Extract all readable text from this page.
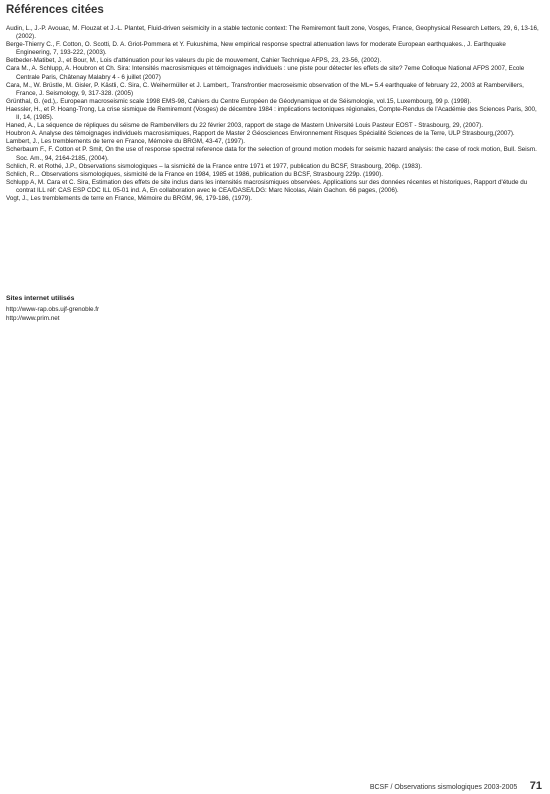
Références citées

Audin, L., J.-P. Avouac, M. Flouzat et J.-L. Plantet, Fluid-driven seismicity in a stable tectonic context: The Remiremont fault zone, Vosges, France, Geophysical Research Letters, 29, 6, 13-16, (2002).

Berge-Thierry C., F. Cotton, O. Scotti, D. A. Griot-Pommera et Y. Fukushima, New empirical response spectral attenuation laws for moderate European earthquakes., J. Earthquake Engineering, 7, 193-222, (2003).

Betbeder-Matibet, J., et Bour, M., Lois d'atténuation pour les valeurs du pic de mouvement, Cahier Technique AFPS, 23, 23-56, (2002).

Cara M., A. Schlupp, A. Houbron et Ch. Sira: Intensités macrosismiques et témoignages individuels : une piste pour détecter les effets de site? 7eme Colloque National AFPS 2007, Ecole Centrale Paris, Châtenay Malabry 4 - 6 juillet (2007)

Cara, M., W. Brüstle, M. Gisler, P. Kästli, C. Sira, C. Weihermüller et J. Lambert,. Transfrontier macroseismic observation of the ML= 5.4 earthquake of february 22, 2003 at Rambervillers, France, J. Seismology, 9, 317-328. (2005)

Grünthal, G. (ed.),. European macroseismic scale 1998 EMS-98, Cahiers du Centre Européen de Géodynamique et de Séismologie, vol.15, Luxembourg, 99 p. (1998).

Haessler, H., et P. Hoang-Trong, La crise sismique de Remiremont (Vosges) de décembre 1984 : implications tectoniques régionales, Compte-Rendus de l'Académie des Sciences Paris, 300, II, 14, (1985).

Haned, A., La séquence de répliques du séisme de Rambervillers du 22 février 2003, rapport de stage de Mastern Université Louis Pasteur EOST - Strasbourg, 29, (2007).

Houbron A. Analyse des témoignages individuels macrosismiques, Rapport de Master 2 Géosciences Environnement Risques Spécialité Sciences de la Terre, ULP Strasbourg,(2007).

Lambert, J., Les tremblements de terre en France, Mémoire du BRGM, 43-47, (1997).

Scherbaum F., F. Cotton et P. Smit, On the use of response spectral reference data for the selection of ground motion models for seismic hazard analysis: the case of rock motion, Bull. Seism. Soc. Am., 94, 2164-2185, (2004).

Schlich, R. et Rothé, J.P., Observations sismologiques – la sismicité de la France entre 1971 et 1977, publication du BCSF, Strasbourg, 206p. (1983).

Schlich, R... Observations sismologiques, sismicité de la France en 1984, 1985 et 1986, publication du BCSF, Strasbourg 229p. (1990).

Schlupp A, M. Cara et C. Sira, Estimation des effets de site inclus dans les intensités macrosismiques observées. Applications sur des données récentes et historiques, Rapport d'étude du contrat ILL réf: CAS ESP CDC ILL 05-01 ind. A, En collaboration avec le CEA/DASE/LDG: Marc Nicolas, Alain Gachon. 66 pages, (2006).

Vogt, J., Les tremblements de terre en France, Mémoire du BRGM, 96, 179-186, (1979).

Sites internet utilisés
http://www-rap.obs.ujf-grenoble.fr
http://www.prim.net
BCSF / Observations sismologiques 2003-2005 71
